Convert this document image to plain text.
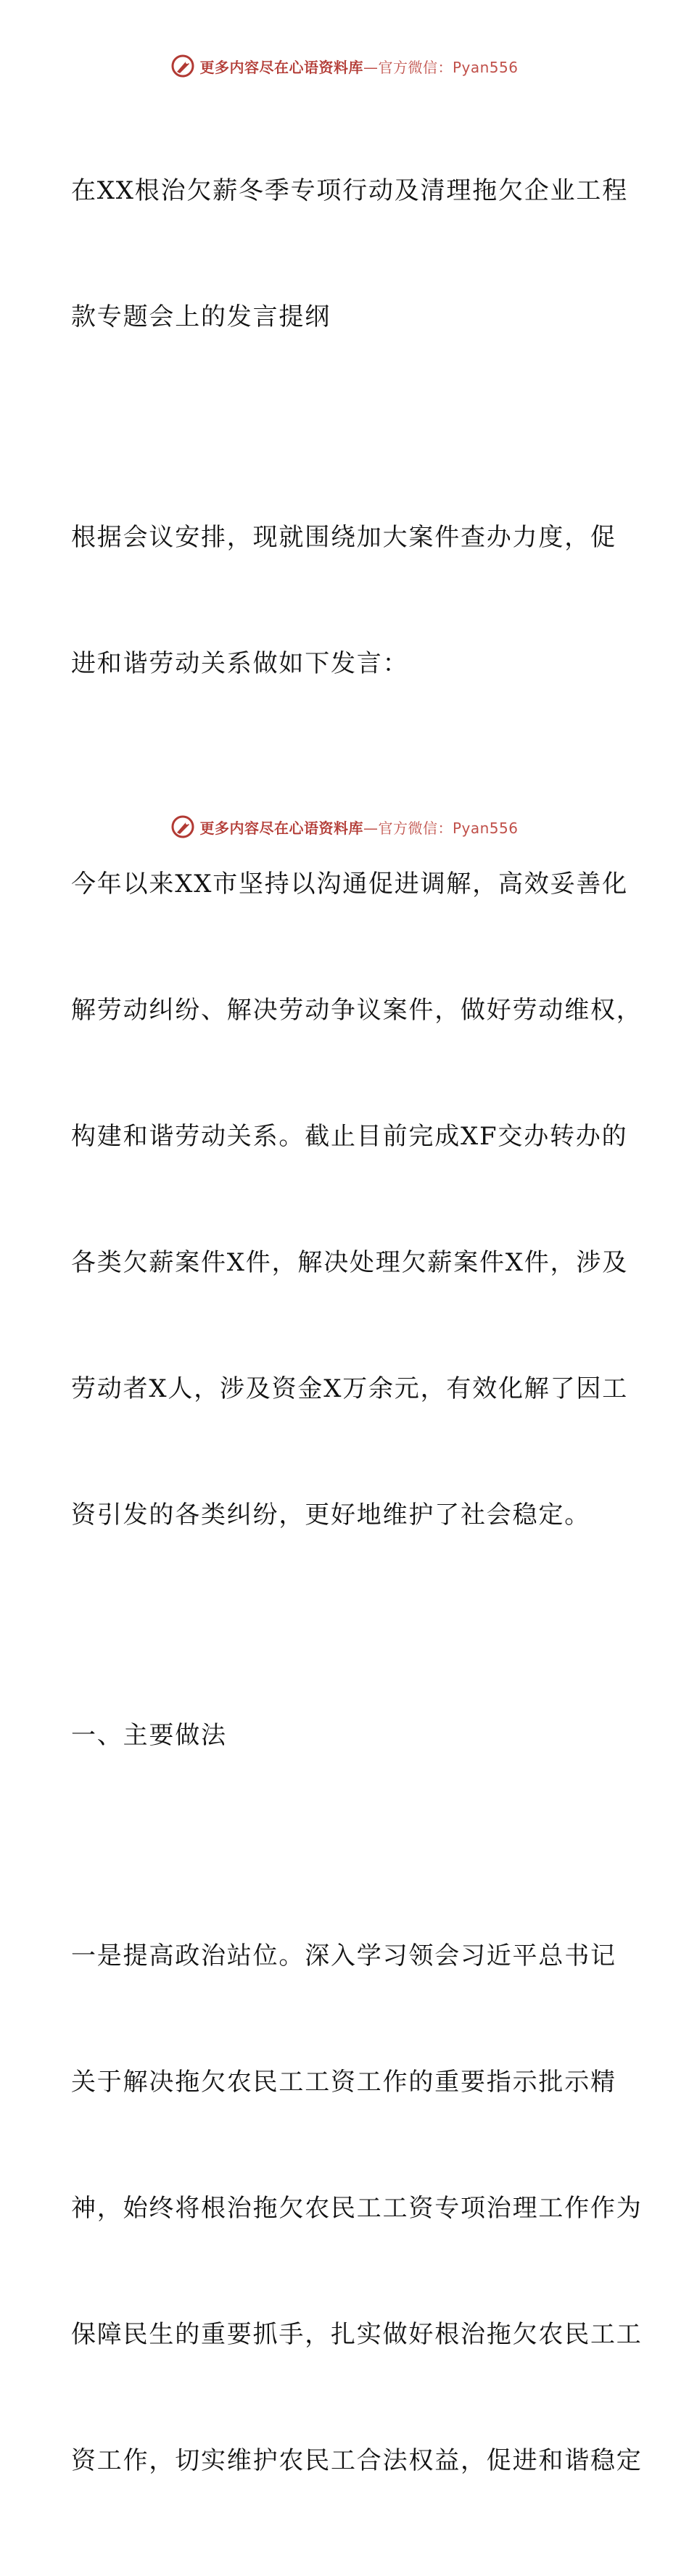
更多内容尽在心语资料库—官方微信：Pyan556

在XX根治欠薪冬季专项行动及清理拖欠企业工程

款专题会上的发言提纲

根据会议安排，现就围绕加大案件查办力度，促

进和谐劳动关系做如下发言：

今年以来XX市坚持以沟通促进调解，高效妥善化

解劳动纠纷、解决劳动争议案件，做好劳动维权，

构建和谐劳动关系。截止目前完成XF交办转办的

各类欠薪案件X件，解决处理欠薪案件X件，涉及

劳动者X人，涉及资金X万余元，有效化解了因工

资引发的各类纠纷，更好地维护了社会稳定。

一、主要做法

一是提高政治站位。深入学习领会习近平总书记

关于解决拖欠农民工工资工作的重要指示批示精

神，始终将根治拖欠农民工工资专项治理工作作为

保障民生的重要抓手，扎实做好根治拖欠农民工工

资工作，切实维护农民工合法权益，促进和谐稳定

更多内容尽在心语资料库—官方微信：Pyan556
